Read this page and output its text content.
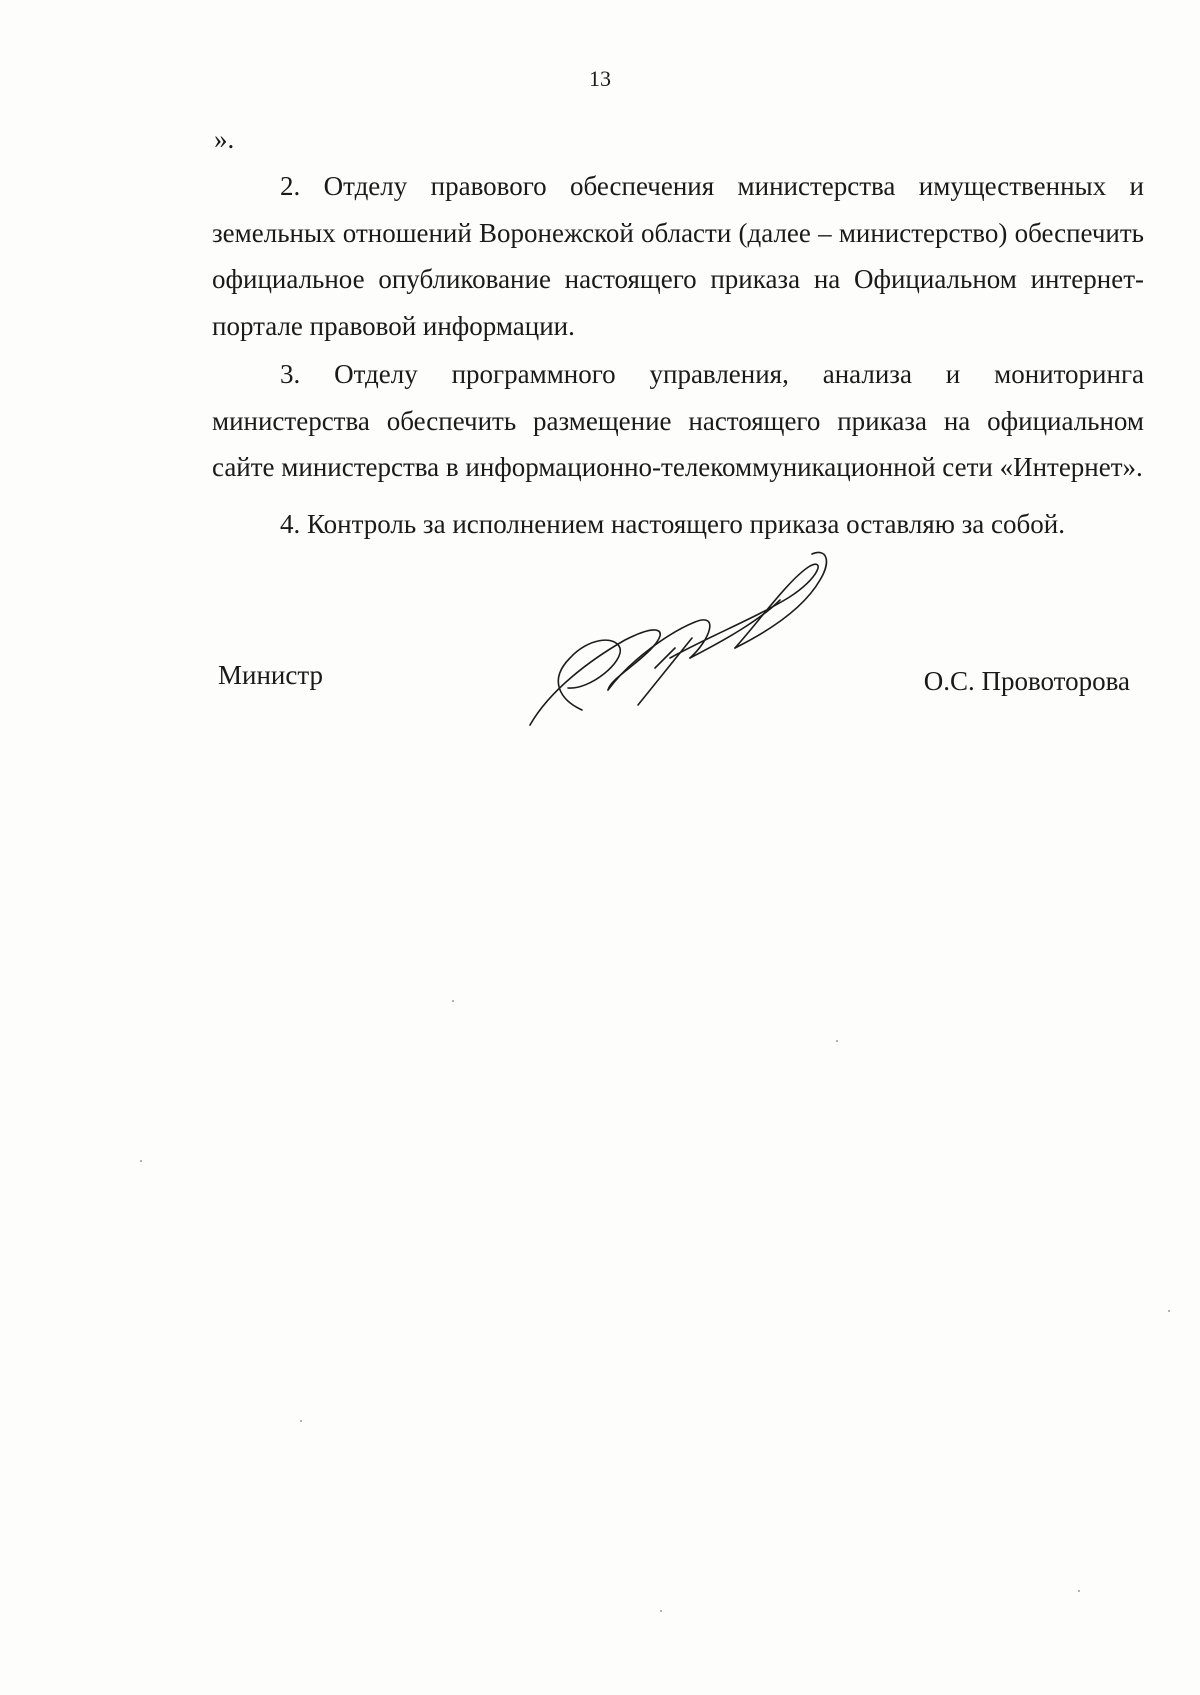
13
».

2. Отделу правового обеспечения министерства имущественных и земельных отношений Воронежской области (далее – министерство) обеспечить официальное опубликование настоящего приказа на Официальном интернет-портале правовой информации.

3. Отделу программного управления, анализа и мониторинга министерства обеспечить размещение настоящего приказа на официальном сайте министерства в информационно-телекоммуникационной сети «Интернет».

4. Контроль за исполнением настоящего приказа оставляю за собой.

Министр	О.С. Провоторова
